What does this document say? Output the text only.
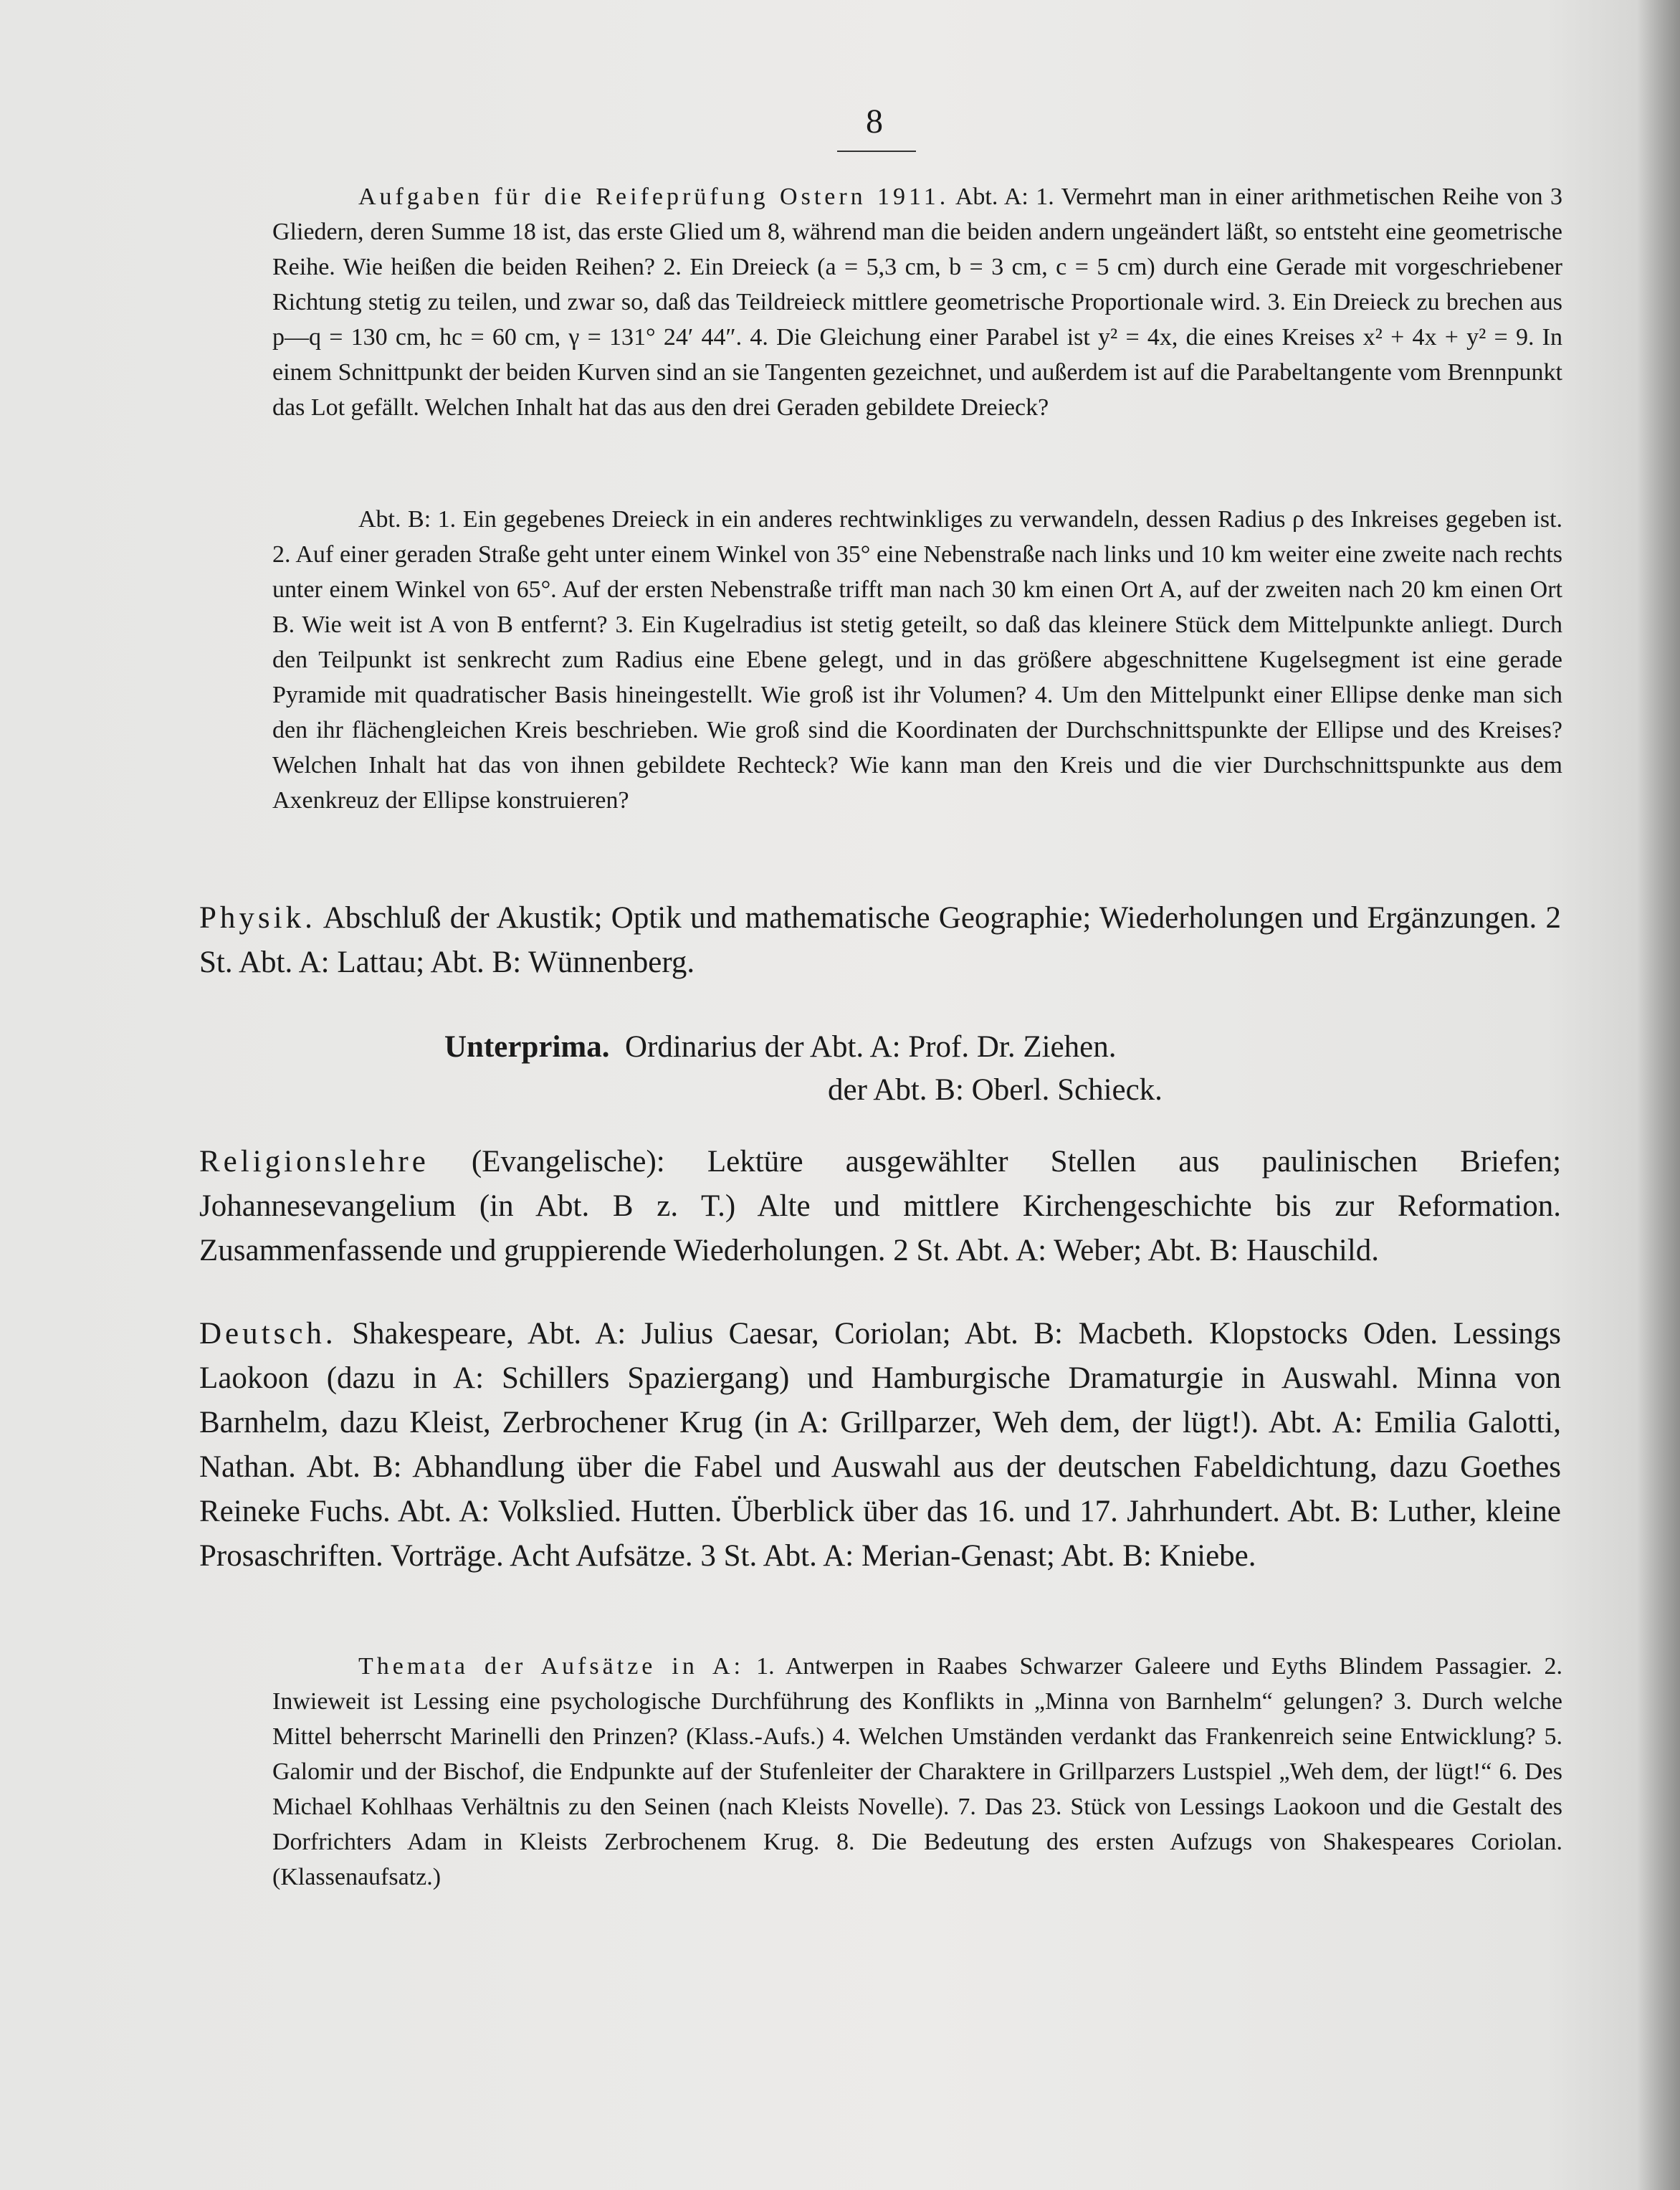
8

Aufgaben für die Reifeprüfung Ostern 1911. Abt. A: 1. Vermehrt man in einer arithmetischen Reihe von 3 Gliedern, deren Summe 18 ist, das erste Glied um 8, während man die beiden andern ungeändert läßt, so entsteht eine geometrische Reihe. Wie heißen die beiden Reihen? 2. Ein Dreieck (a = 5,3 cm, b = 3 cm, c = 5 cm) durch eine Gerade mit vorgeschriebener Richtung stetig zu teilen, und zwar so, daß das Teildreieck mittlere geometrische Proportionale wird. 3. Ein Dreieck zu brechen aus p—q = 130 cm, hc = 60 cm, γ = 131° 24′ 44″. 4. Die Gleichung einer Parabel ist y² = 4x, die eines Kreises x² + 4x + y² = 9. In einem Schnittpunkt der beiden Kurven sind an sie Tangenten gezeichnet, und außerdem ist auf die Parabeltangente vom Brennpunkt das Lot gefällt. Welchen Inhalt hat das aus den drei Geraden gebildete Dreieck?

Abt. B: 1. Ein gegebenes Dreieck in ein anderes rechtwinkliges zu verwandeln, dessen Radius ρ des Inkreises gegeben ist. 2. Auf einer geraden Straße geht unter einem Winkel von 35° eine Nebenstraße nach links und 10 km weiter eine zweite nach rechts unter einem Winkel von 65°. Auf der ersten Nebenstraße trifft man nach 30 km einen Ort A, auf der zweiten nach 20 km einen Ort B. Wie weit ist A von B entfernt? 3. Ein Kugelradius ist stetig geteilt, so daß das kleinere Stück dem Mittelpunkte anliegt. Durch den Teilpunkt ist senkrecht zum Radius eine Ebene gelegt, und in das größere abgeschnittene Kugelsegment ist eine gerade Pyramide mit quadratischer Basis hineingestellt. Wie groß ist ihr Volumen? 4. Um den Mittelpunkt einer Ellipse denke man sich den ihr flächengleichen Kreis beschrieben. Wie groß sind die Koordinaten der Durchschnittspunkte der Ellipse und des Kreises? Welchen Inhalt hat das von ihnen gebildete Rechteck? Wie kann man den Kreis und die vier Durchschnittspunkte aus dem Axenkreuz der Ellipse konstruieren?

Physik. Abschluß der Akustik; Optik und mathematische Geographie; Wiederholungen und Ergänzungen. 2 St. Abt. A: Lattau; Abt. B: Wünnenberg.

Unterprima. Ordinarius der Abt. A: Prof. Dr. Ziehen.
der Abt. B: Oberl. Schieck.

Religionslehre (Evangelische): Lektüre ausgewählter Stellen aus paulinischen Briefen; Johannesevangelium (in Abt. B z. T.) Alte und mittlere Kirchengeschichte bis zur Reformation. Zusammenfassende und gruppierende Wiederholungen. 2 St. Abt. A: Weber; Abt. B: Hauschild.

Deutsch. Shakespeare, Abt. A: Julius Caesar, Coriolan; Abt. B: Macbeth. Klopstocks Oden. Lessings Laokoon (dazu in A: Schillers Spaziergang) und Hamburgische Dramaturgie in Auswahl. Minna von Barnhelm, dazu Kleist, Zerbrochener Krug (in A: Grillparzer, Weh dem, der lügt!). Abt. A: Emilia Galotti, Nathan. Abt. B: Abhandlung über die Fabel und Auswahl aus der deutschen Fabeldichtung, dazu Goethes Reineke Fuchs. Abt. A: Volkslied. Hutten. Überblick über das 16. und 17. Jahrhundert. Abt. B: Luther, kleine Prosaschriften. Vorträge. Acht Aufsätze. 3 St. Abt. A: Merian-Genast; Abt. B: Kniebe.

Themata der Aufsätze in A: 1. Antwerpen in Raabes Schwarzer Galeere und Eyths Blindem Passagier. 2. Inwieweit ist Lessing eine psychologische Durchführung des Konflikts in „Minna von Barnhelm“ gelungen? 3. Durch welche Mittel beherrscht Marinelli den Prinzen? (Klass.-Aufs.) 4. Welchen Umständen verdankt das Frankenreich seine Entwicklung? 5. Galomir und der Bischof, die Endpunkte auf der Stufenleiter der Charaktere in Grillparzers Lustspiel „Weh dem, der lügt!“ 6. Des Michael Kohlhaas Verhältnis zu den Seinen (nach Kleists Novelle). 7. Das 23. Stück von Lessings Laokoon und die Gestalt des Dorfrichters Adam in Kleists Zerbrochenem Krug. 8. Die Bedeutung des ersten Aufzugs von Shakespeares Coriolan. (Klassenaufsatz.)
